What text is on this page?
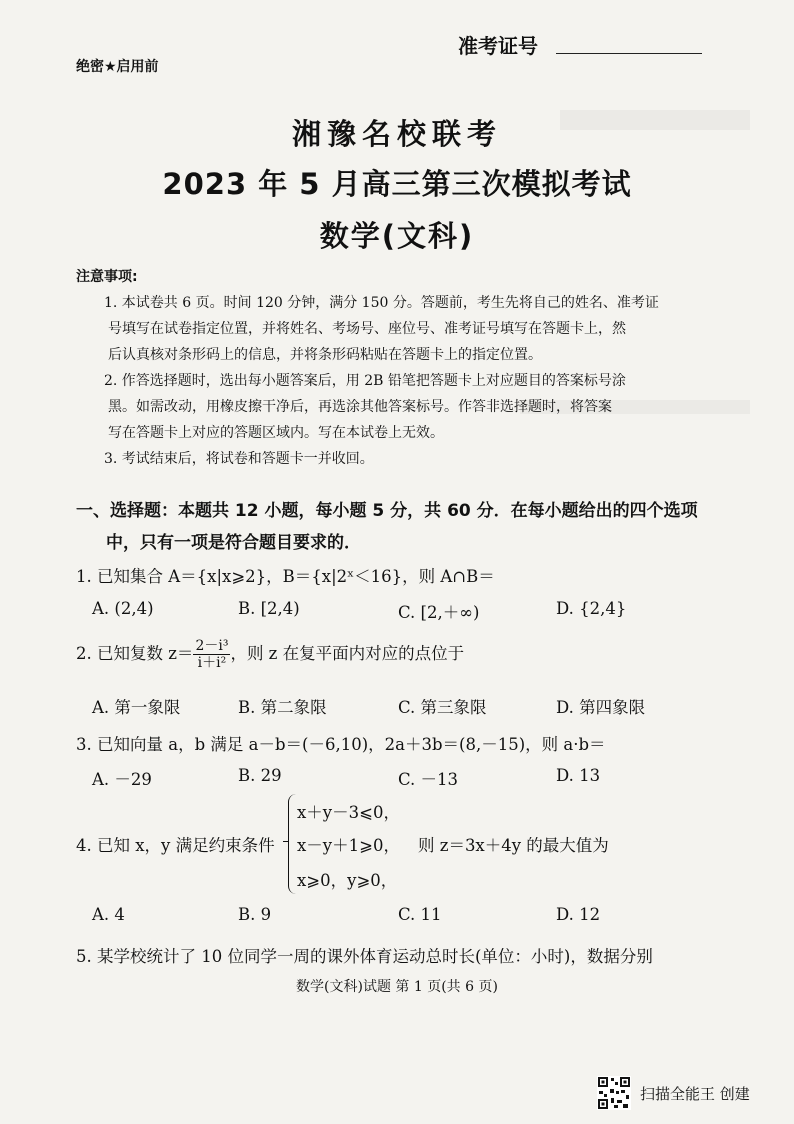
绝密★启用前
准考证号
湘豫名校联考
2023 年 5 月高三第三次模拟考试
数学(文科)
注意事项:
1. 本试卷共 6 页。时间 120 分钟，满分 150 分。答题前，考生先将自己的姓名、准考证
号填写在试卷指定位置，并将姓名、考场号、座位号、准考证号填写在答题卡上，然
后认真核对条形码上的信息，并将条形码粘贴在答题卡上的指定位置。
2. 作答选择题时，选出每小题答案后，用 2B 铅笔把答题卡上对应题目的答案标号涂
黑。如需改动，用橡皮擦干净后，再选涂其他答案标号。作答非选择题时，将答案
写在答题卡上对应的答题区域内。写在本试卷上无效。
3. 考试结束后，将试卷和答题卡一并收回。
一、选择题：本题共 12 小题，每小题 5 分，共 60 分．在每小题给出的四个选项
中，只有一项是符合题目要求的．
1. 已知集合 A＝{x|x⩾2}，B＝{x|2ˣ＜16}，则 A∩B＝
A. (2,4)	B. [2,4)	C. [2,＋∞)	D. {2,4}
2. 已知复数 $z= \frac{\text{2－i³}}{\text{i＋i²}}$ ，则 z 在复平面内对应的点位于
A. 第一象限	B. 第二象限	C. 第三象限	D. 第四象限
3. 已知向量 a，b 满足 a－b＝(－6,10)，2a＋3b＝(8,－15)，则 a·b＝
A. －29	B. 29	C. －13	D. 13
4. 已知 x，y 满足约束条件
x＋y－3⩽0，
x－y＋1⩾0，
x⩾0，y⩾0，
则 z＝3x＋4y 的最大值为
A. 4	B. 9	C. 11	D. 12
5. 某学校统计了 10 位同学一周的课外体育运动总时长(单位：小时)，数据分别
数学(文科)试题 第 1 页(共 6 页)
扫描全能王 创建
